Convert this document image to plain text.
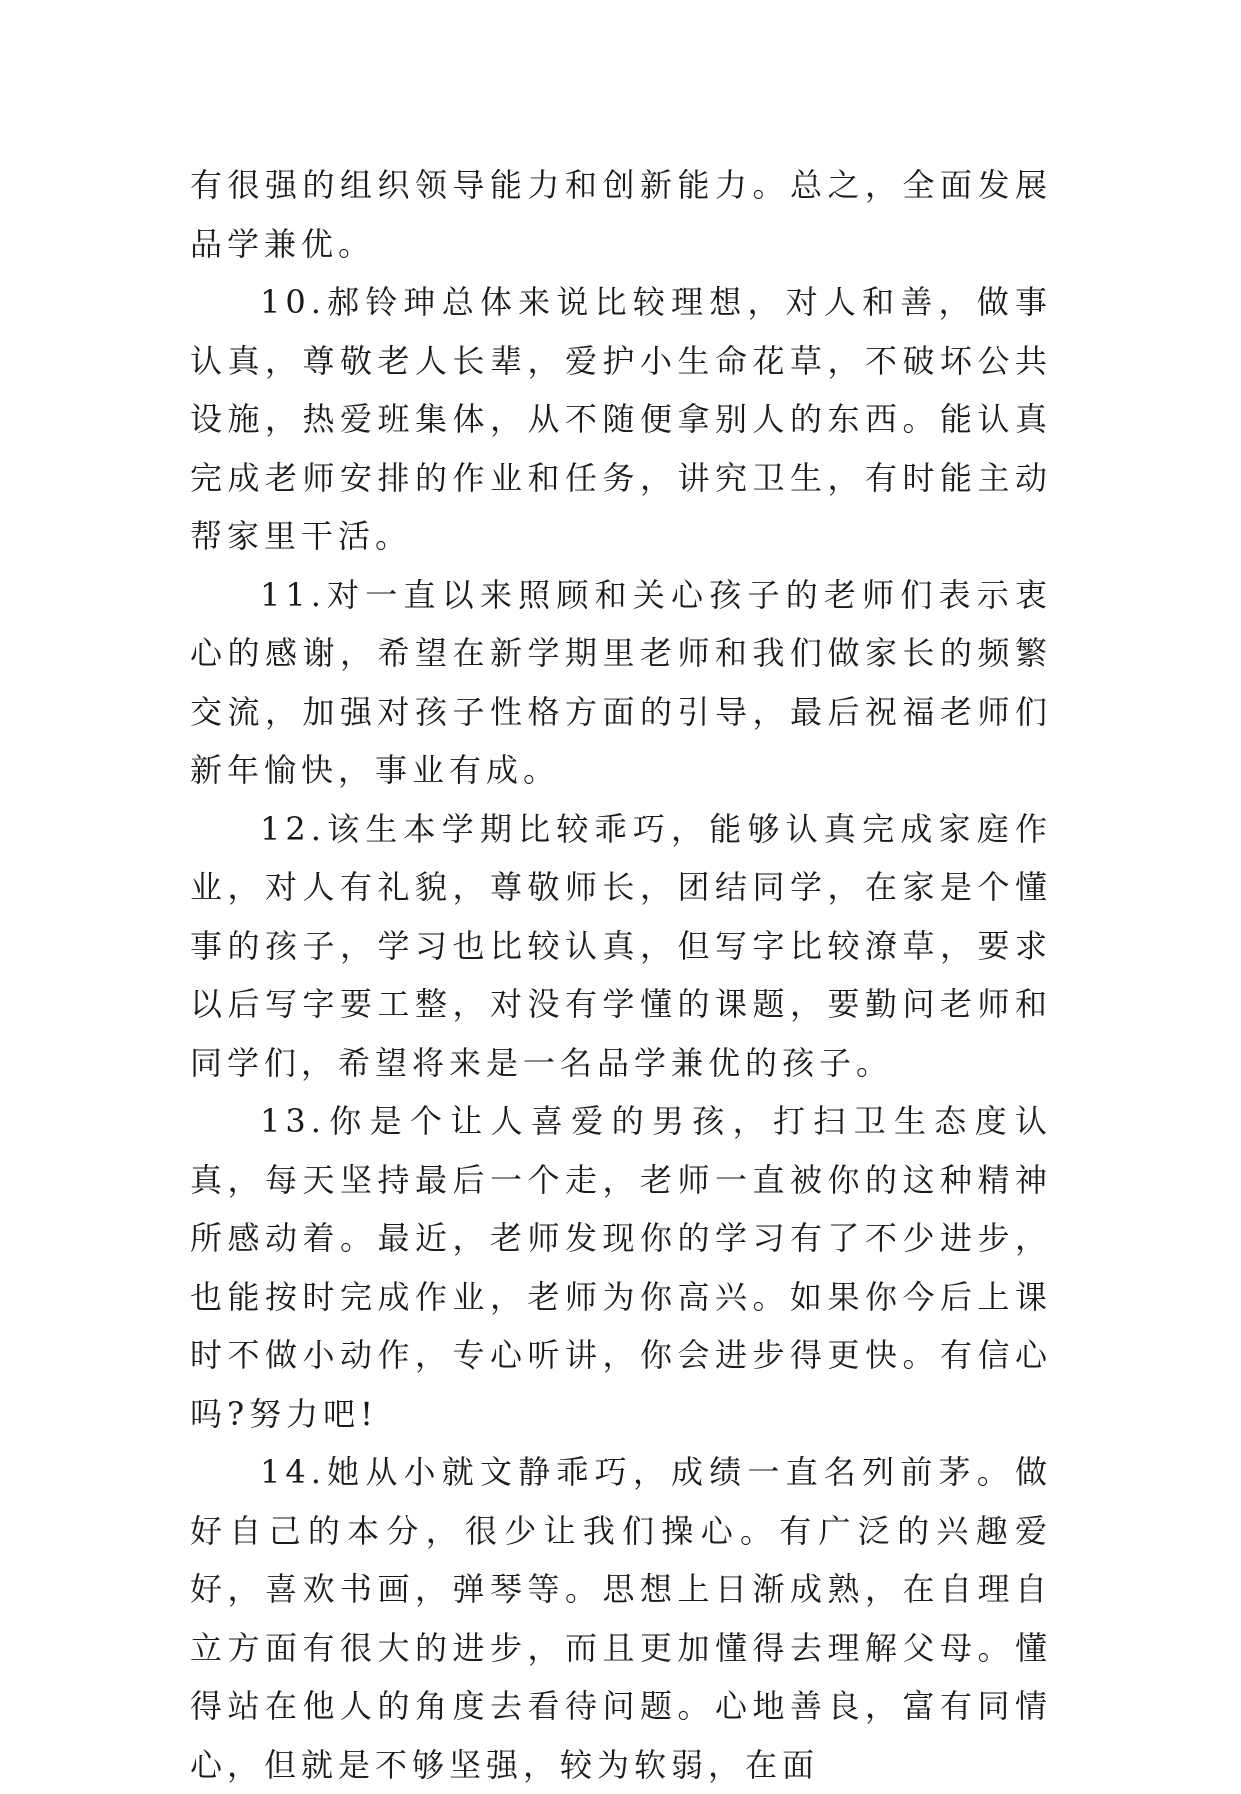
有很强的组织领导能力和创新能力。总之，全面发展品学兼优。

10.郝铃珅总体来说比较理想，对人和善，做事认真，尊敬老人长辈，爱护小生命花草，不破坏公共设施，热爱班集体，从不随便拿别人的东西。能认真完成老师安排的作业和任务，讲究卫生，有时能主动帮家里干活。

11.对一直以来照顾和关心孩子的老师们表示衷心的感谢，希望在新学期里老师和我们做家长的频繁交流，加强对孩子性格方面的引导，最后祝福老师们新年愉快，事业有成。

12.该生本学期比较乖巧，能够认真完成家庭作业，对人有礼貌，尊敬师长，团结同学，在家是个懂事的孩子，学习也比较认真，但写字比较潦草，要求以后写字要工整，对没有学懂的课题，要勤问老师和同学们，希望将来是一名品学兼优的孩子。

13.你是个让人喜爱的男孩，打扫卫生态度认真，每天坚持最后一个走，老师一直被你的这种精神所感动着。最近，老师发现你的学习有了不少进步，也能按时完成作业，老师为你高兴。如果你今后上课时不做小动作，专心听讲，你会进步得更快。有信心吗?努力吧!

14.她从小就文静乖巧，成绩一直名列前茅。做好自己的本分，很少让我们操心。有广泛的兴趣爱好，喜欢书画，弹琴等。思想上日渐成熟，在自理自立方面有很大的进步，而且更加懂得去理解父母。懂得站在他人的角度去看待问题。心地善良，富有同情心，但就是不够坚强，较为软弱，在面
